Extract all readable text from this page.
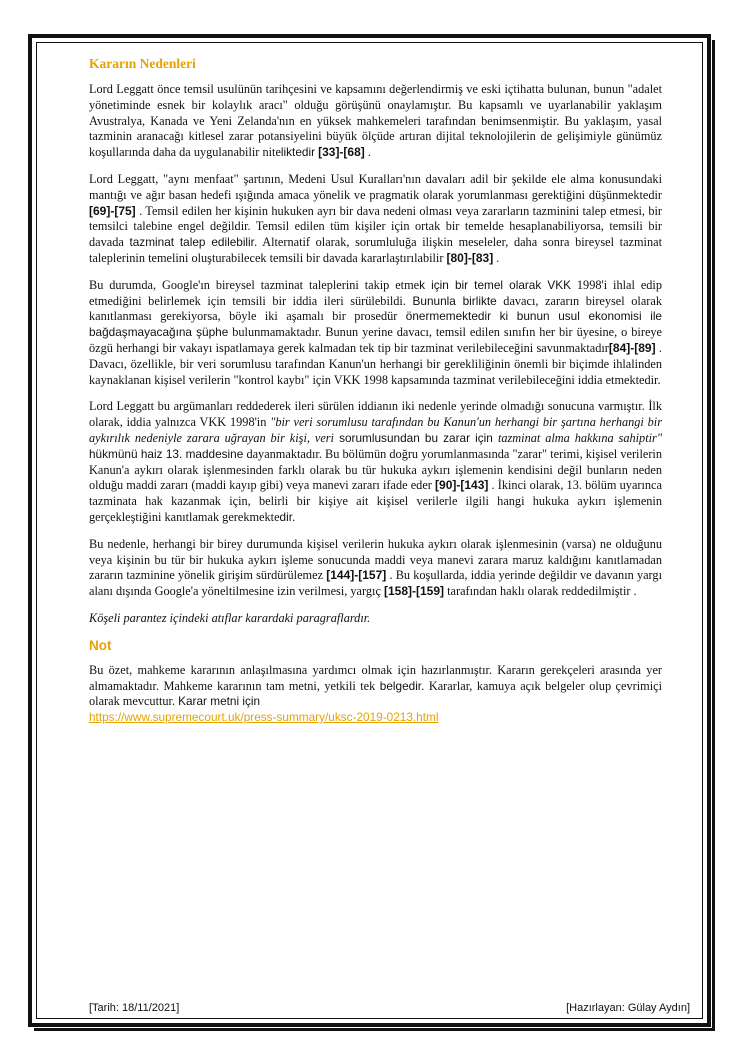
Kararın Nedenleri

Lord Leggatt önce temsil usulünün tarihçesini ve kapsamını değerlendirmiş ve eski içtihatta bulunan, bunun "adalet yönetiminde esnek bir kolaylık aracı" olduğu görüşünü onaylamıştır. Bu kapsamlı ve uyarlanabilir yaklaşım Avustralya, Kanada ve Yeni Zelanda'nın en yüksek mahkemeleri tarafından benimsenmiştir. Bu yaklaşım, yasal tazminin aranacağı kitlesel zarar potansiyelini büyük ölçüde artıran dijital teknolojilerin de gelişimiyle günümüz koşullarında daha da uygulanabilir niteliktedir [33]-[68] .

Lord Leggatt, "aynı menfaat" şartının, Medeni Usul Kuralları'nın davaları adil bir şekilde ele alma konusundaki mantığı ve ağır basan hedefi ışığında amaca yönelik ve pragmatik olarak yorumlanması gerektiğini düşünmektedir [69]-[75] . Temsil edilen her kişinin hukuken ayrı bir dava nedeni olması veya zararların tazminini talep etmesi, bir temsilci talebine engel değildir. Temsil edilen tüm kişiler için ortak bir temelde hesaplanabiliyorsa, temsili bir davada tazminat talep edilebilir. Alternatif olarak, sorumluluğa ilişkin meseleler, daha sonra bireysel tazminat taleplerinin temelini oluşturabilecek temsili bir davada kararlaştırılabilir [80]-[83] .

Bu durumda, Google'ın bireysel tazminat taleplerini takip etmek için bir temel olarak VKK 1998'i ihlal edip etmediğini belirlemek için temsili bir iddia ileri sürülebildi. Bununla birlikte davacı, zararın bireysel olarak kanıtlanması gerekiyorsa, böyle iki aşamalı bir prosedür önermemektedir ki bunun usul ekonomisi ile bağdaşmayacağına şüphe bulunmamaktadır. Bunun yerine davacı, temsil edilen sınıfın her bir üyesine, o bireye özgü herhangi bir vakayı ispatlamaya gerek kalmadan tek tip bir tazminat verilebileceğini savunmaktadır[84]-[89] . Davacı, özellikle, bir veri sorumlusu tarafından Kanun'un herhangi bir gerekliliğinin önemli bir biçimde ihlalinden kaynaklanan kişisel verilerin "kontrol kaybı" için VKK 1998 kapsamında tazminat verilebileceğini iddia etmektedir.

Lord Leggatt bu argümanları reddederek ileri sürülen iddianın iki nedenle yerinde olmadığı sonucuna varmıştır. İlk olarak, iddia yalnızca VKK 1998'in "bir veri sorumlusu tarafından bu Kanun'un herhangi bir şartına herhangi bir aykırılık nedeniyle zarara uğrayan bir kişi, veri sorumlusundan bu zarar için tazminat alma hakkına sahiptir" hükmünü haiz 13. maddesine dayanmaktadır. Bu bölümün doğru yorumlanmasında "zarar" terimi, kişisel verilerin Kanun'a aykırı olarak işlenmesinden farklı olarak bu tür hukuka aykırı işlemenin kendisini değil bunların neden olduğu maddi zararı (maddi kayıp gibi) veya manevi zararı ifade eder [90]-[143] . İkinci olarak, 13. bölüm uyarınca tazminata hak kazanmak için, belirli bir kişiye ait kişisel verilerle ilgili hangi hukuka aykırı işlemenin gerçekleştiğini kanıtlamak gerekmektedir.

Bu nedenle, herhangi bir birey durumunda kişisel verilerin hukuka aykırı olarak işlenmesinin (varsa) ne olduğunu veya kişinin bu tür bir hukuka aykırı işleme sonucunda maddi veya manevi zarara maruz kaldığını kanıtlamadan zararın tazminine yönelik girişim sürdürülemez [144]-[157] . Bu koşullarda, iddia yerinde değildir ve davanın yargı alanı dışında Google'a yöneltilmesine izin verilmesi, yargıç [158]-[159] tarafından haklı olarak reddedilmiştir .

Köşeli parantez içindeki atıflar karardaki paragraflardır.

Not

Bu özet, mahkeme kararının anlaşılmasına yardımcı olmak için hazırlanmıştır. Kararın gerekçeleri arasında yer almamaktadır. Mahkeme kararının tam metni, yetkili tek belgedir. Kararlar, kamuya açık belgeler olup çevrimiçi olarak mevcuttur. Karar metni için
https://www.supremecourt.uk/press-summary/uksc-2019-0213.html

[Tarih: 18/11/2021]	[Hazırlayan: Gülay Aydın]
